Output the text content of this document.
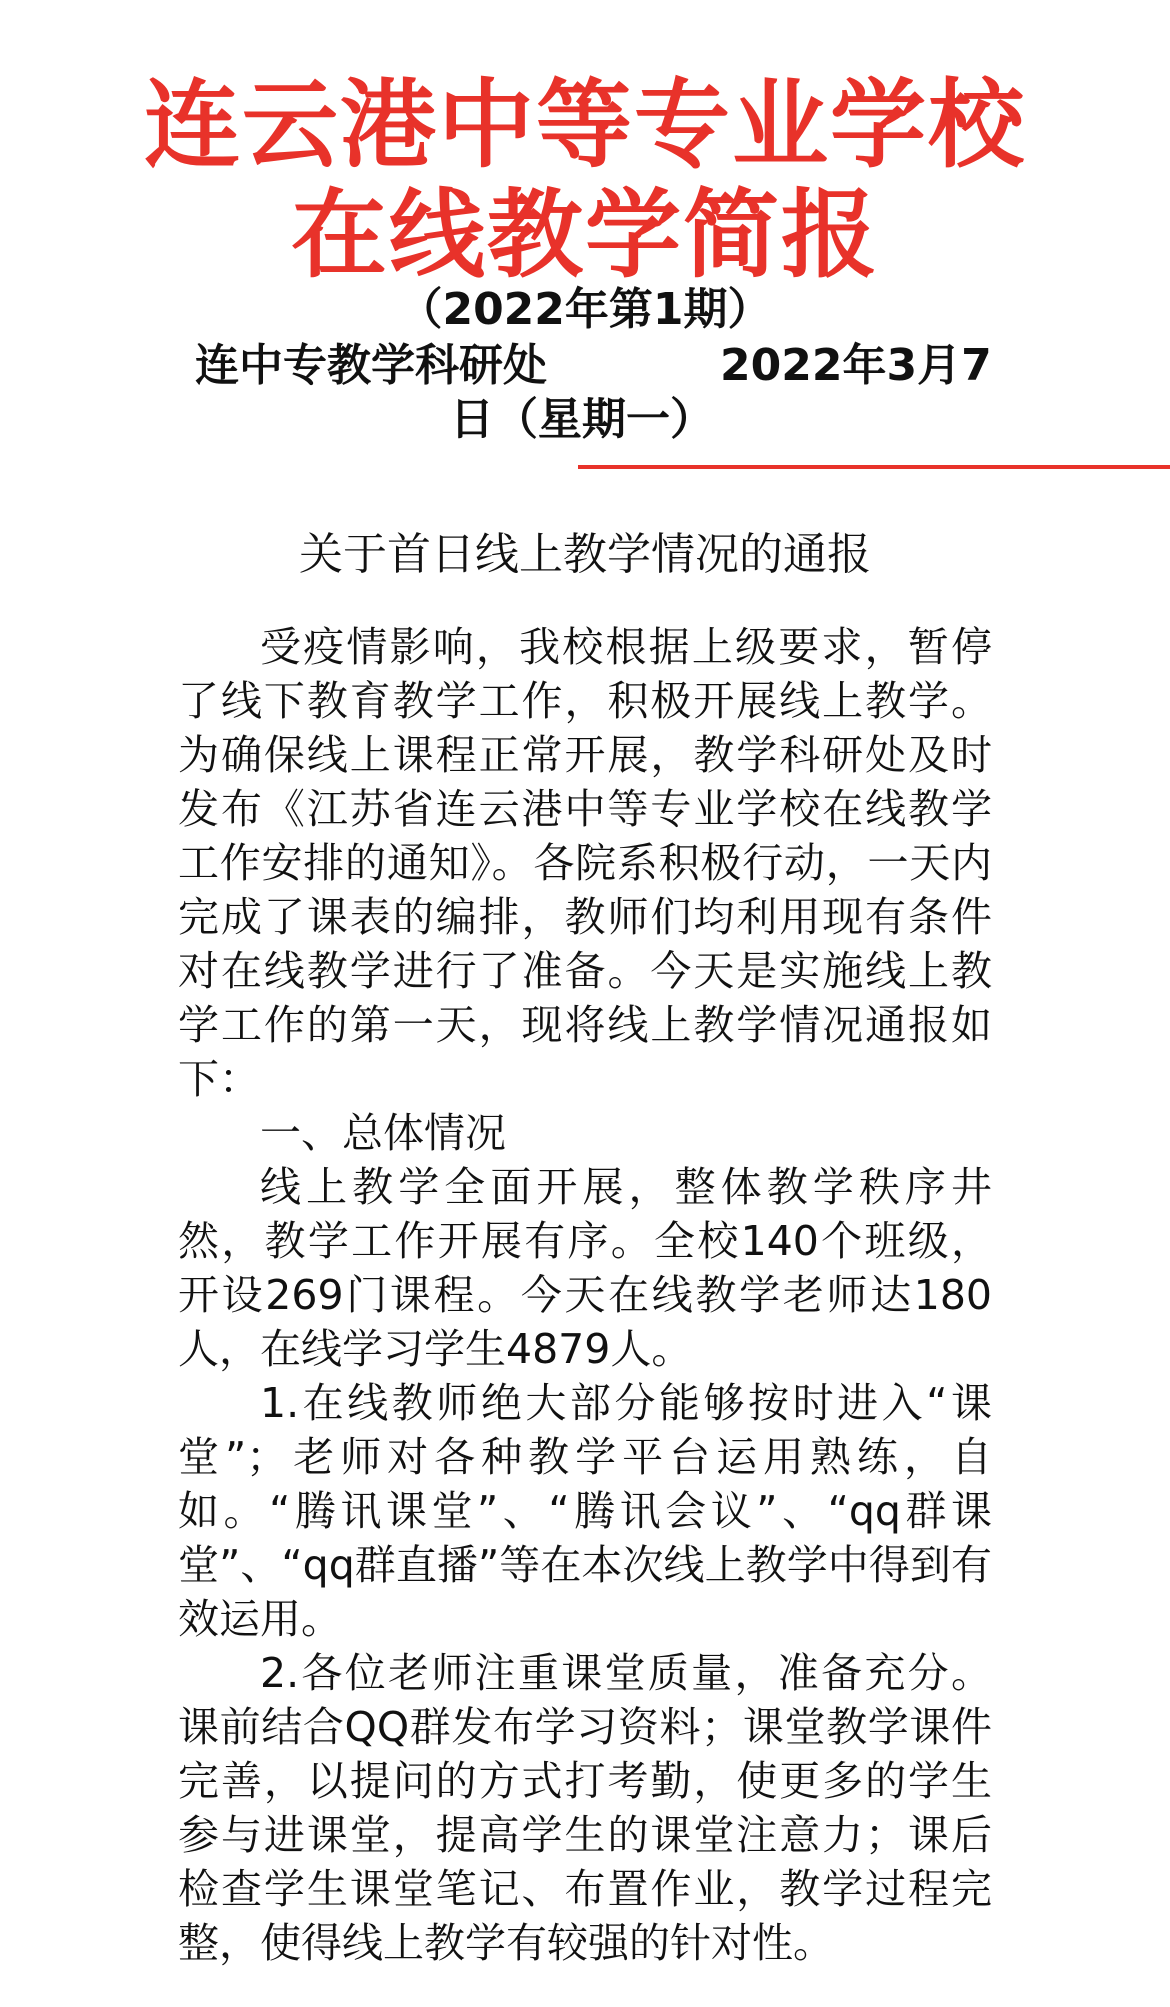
连云港中等专业学校
在线教学简报
（2022年第1期）
连中专教学科研处	2022年3月7
日（星期一）
关于首日线上教学情况的通报

受疫情影响，我校根据上级要求，暂停了线下教育教学工作，积极开展线上教学。为确保线上课程正常开展，教学科研处及时发布《江苏省连云港中等专业学校在线教学工作安排的通知》。各院系积极行动，一天内完成了课表的编排，教师们均利用现有条件对在线教学进行了准备。今天是实施线上教学工作的第一天，现将线上教学情况通报如下：

一、总体情况

线上教学全面开展，整体教学秩序井然，教学工作开展有序。全校140个班级，开设269门课程。今天在线教学老师达180人，在线学习学生4879人。

1.在线教师绝大部分能够按时进入“课堂”；老师对各种教学平台运用熟练，自如。“腾讯课堂”、“腾讯会议”、“qq群课堂”、“qq群直播”等在本次线上教学中得到有效运用。

2.各位老师注重课堂质量，准备充分。课前结合QQ群发布学习资料；课堂教学课件完善，以提问的方式打考勤，使更多的学生参与进课堂，提高学生的课堂注意力；课后检查学生课堂笔记、布置作业，教学过程完整，使得线上教学有较强的针对性。
